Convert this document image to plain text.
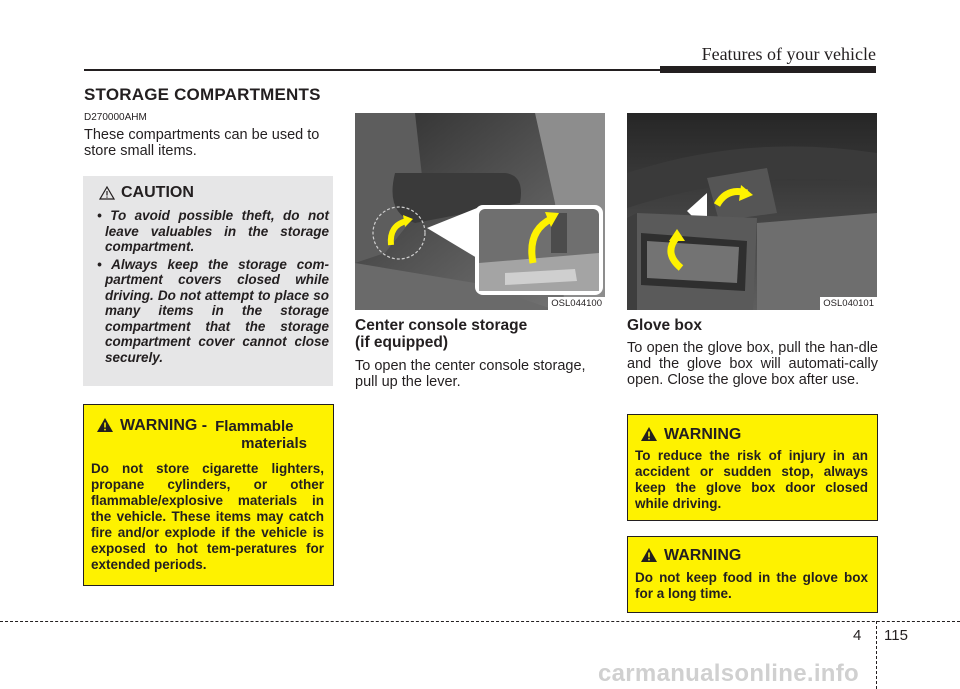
Features of your vehicle
STORAGE COMPARTMENTS
D270000AHM
These compartments can be used to
store small items.
CAUTION
• To avoid possible theft, do not leave valuables in the storage compartment.
• Always keep the storage com-partment covers closed while driving. Do not attempt to place so many items in the storage compartment that the storage compartment cover cannot close securely.
WARNING - Flammable
materials
Do not store cigarette lighters, propane cylinders, or other flammable/explosive materials in the vehicle. These items may catch fire and/or explode if the vehicle is exposed to hot tem-peratures for extended periods.
OSL044100
Center console storage
(if equipped)
To open the center console storage,
pull up the lever.
OSL040101
Glove box
To open the glove box, pull the han-dle and the glove box will automati-cally open. Close the glove box after use.
WARNING
To reduce the risk of injury in an accident or sudden stop, always keep the glove box door closed while driving.
WARNING
Do not keep food in the glove box for a long time.
4 115
carmanualsonline.info
